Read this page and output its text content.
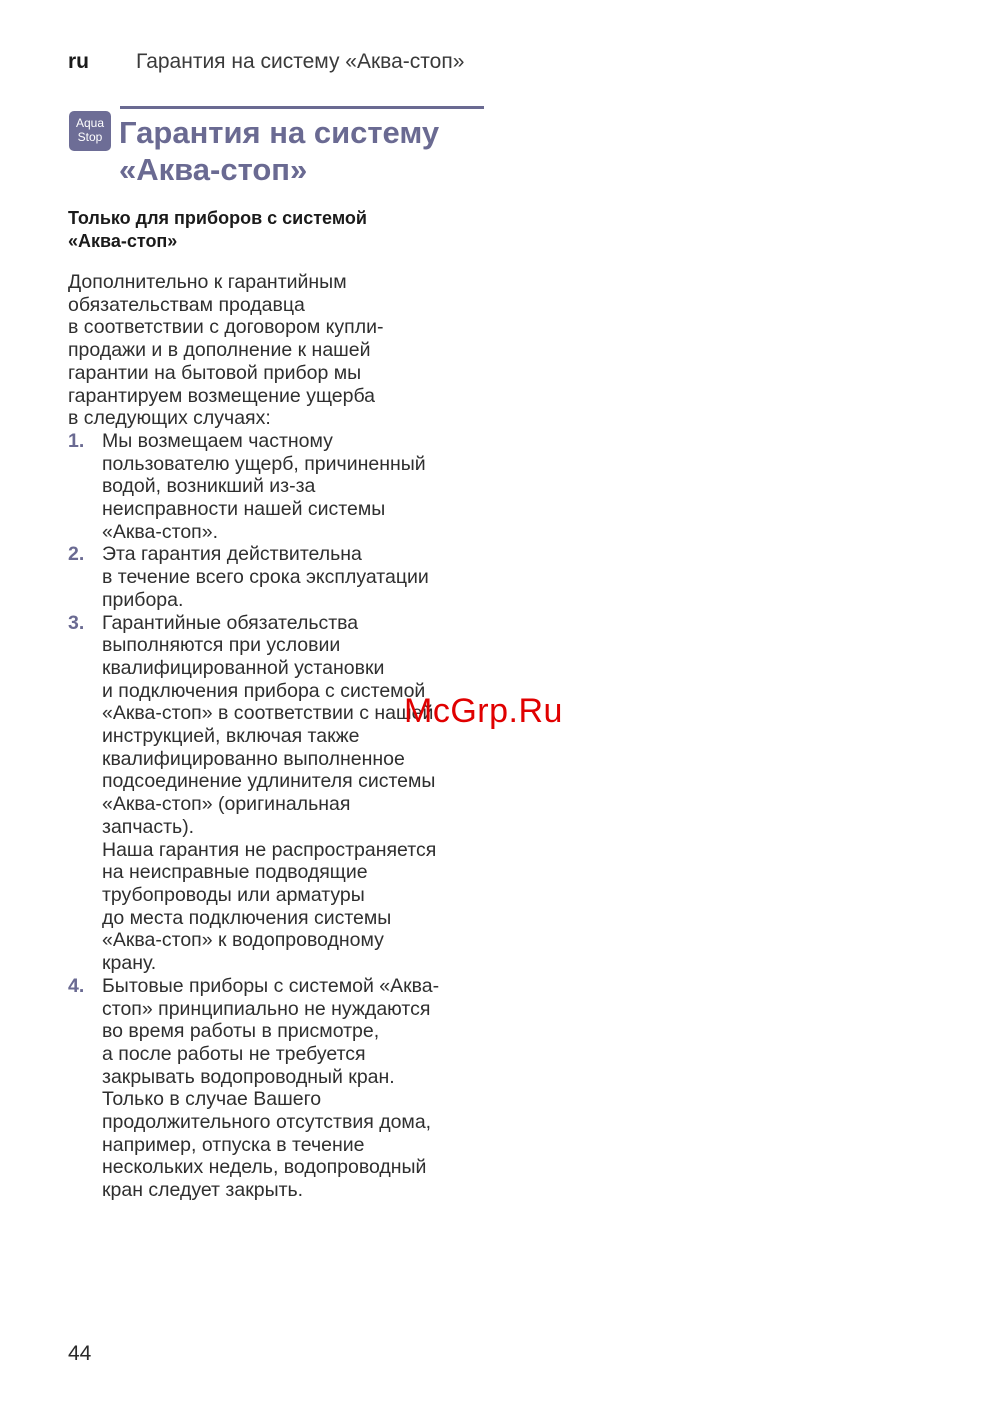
ru Гарантия на систему «Аква-стоп»
Aqua
Stop Гарантия на систему
«Аква-стоп»
Только для приборов с системой
«Аква-стоп»
Дополнительно к гарантийным
обязательствам продавца
в соответствии с договором купли-
продажи и в дополнение к нашей
гарантии на бытовой прибор мы
гарантируем возмещение ущерба
в следующих случаях:
1. Мы возмещаем частному
пользователю ущерб, причиненный
водой, возникший из-за
неисправности нашей системы
«Аква-стоп».
2. Эта гарантия действительна
в течение всего срока эксплуатации
прибора.
3. Гарантийные обязательства
выполняются при условии
квалифицированной установки
и подключения прибора с системой
«Аква-стоп» в соответствии с нашей
инструкцией, включая также
квалифицированно выполненное
подсоединение удлинителя системы
«Аква-стоп» (оригинальная
запчасть).
Наша гарантия не распространяется
на неисправные подводящие
трубопроводы или арматуры
до места подключения системы
«Аква-стоп» к водопроводному
крану.
4. Бытовые приборы с системой «Аква-
стоп» принципиально не нуждаются
во время работы в присмотре,
а после работы не требуется
закрывать водопроводный кран.
Только в случае Вашего
продолжительного отсутствия дома,
например, отпуска в течение
нескольких недель, водопроводный
кран следует закрыть.
McGrp.Ru
44
